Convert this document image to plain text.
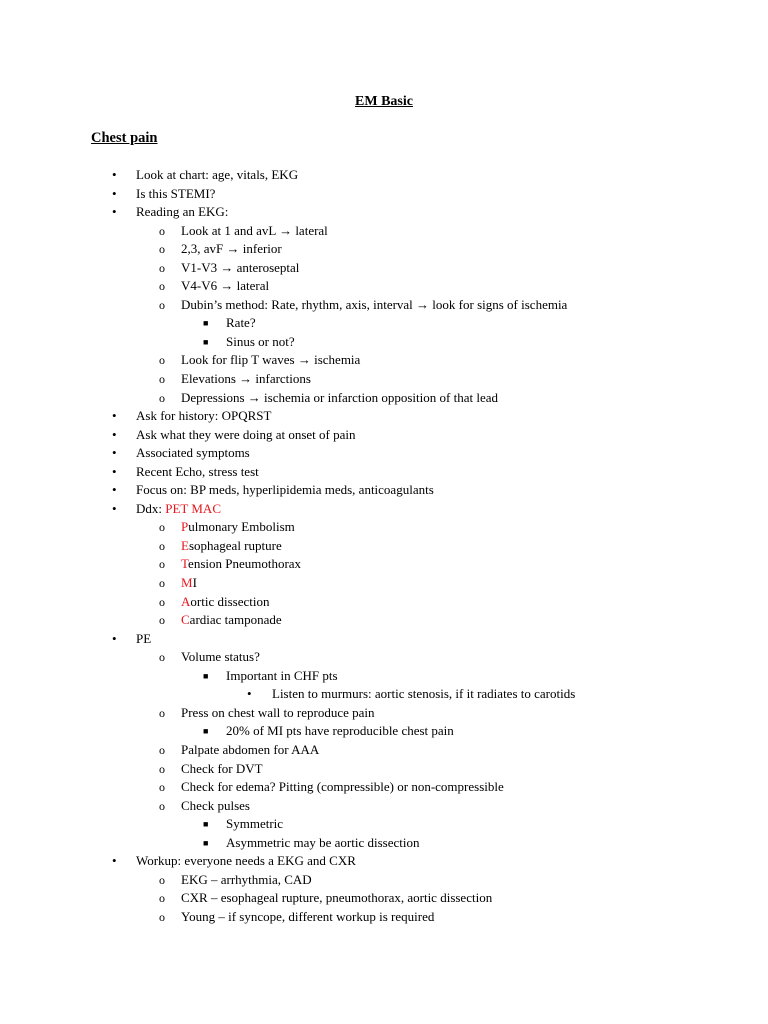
EM Basic
Chest pain
•	Look at chart: age, vitals, EKG
•	Is this STEMI?
•	Reading an EKG:
o	Look at 1 and avL → lateral
o	2,3, avF → inferior
o	V1-V3 → anteroseptal
o	V4-V6 → lateral
o	Dubin’s method: Rate, rhythm, axis, interval → look for signs of ischemia
■	Rate?
■	Sinus or not?
o	Look for flip T waves → ischemia
o	Elevations → infarctions
o	Depressions → ischemia or infarction opposition of that lead
•	Ask for history: OPQRST
•	Ask what they were doing at onset of pain
•	Associated symptoms
•	Recent Echo, stress test
•	Focus on: BP meds, hyperlipidemia meds, anticoagulants
•	Ddx: PET MAC
o	Pulmonary Embolism
o	Esophageal rupture
o	Tension Pneumothorax
o	MI
o	Aortic dissection
o	Cardiac tamponade
•	PE
o	Volume status?
■	Important in CHF pts
•	Listen to murmurs: aortic stenosis, if it radiates to carotids
o	Press on chest wall to reproduce pain
■	20% of MI pts have reproducible chest pain
o	Palpate abdomen for AAA
o	Check for DVT
o	Check for edema? Pitting (compressible) or non-compressible
o	Check pulses
■	Symmetric
■	Asymmetric may be aortic dissection
•	Workup: everyone needs a EKG and CXR
o	EKG – arrhythmia, CAD
o	CXR – esophageal rupture, pneumothorax, aortic dissection
o	Young – if syncope, different workup is required
